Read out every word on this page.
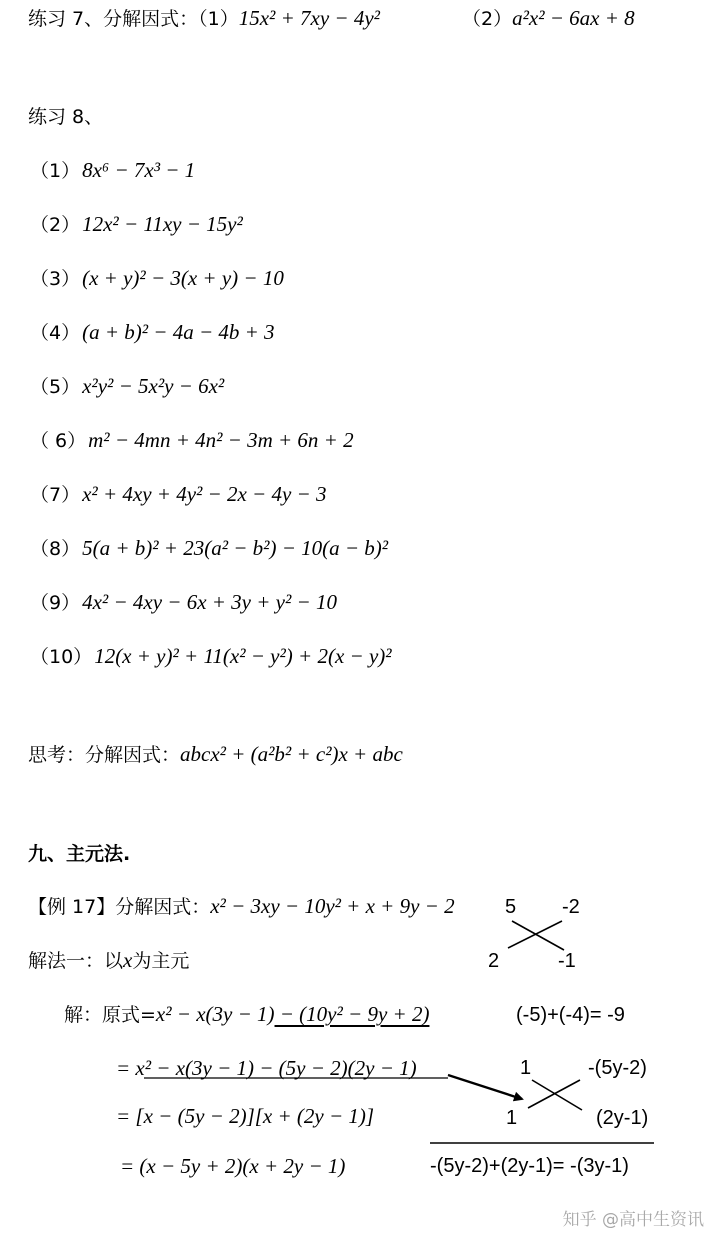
练习 7、分解因式：（1）15x² + 7xy − 4y²	（2）a²x² − 6ax + 8
练习 8、
（1）8x⁶ − 7x³ − 1
（2）12x² − 11xy − 15y²
（3）(x + y)² − 3(x + y) − 10
（4）(a + b)² − 4a − 4b + 3
（5）x²y² − 5x²y − 6x²
（ 6）m² − 4mn + 4n² − 3m + 6n + 2
（7）x² + 4xy + 4y² − 2x − 4y − 3
（8）5(a + b)² + 23(a² − b²) − 10(a − b)²
（9）4x² − 4xy − 6x + 3y + y² − 10
（10）12(x + y)² + 11(x² − y²) + 2(x − y)²
思考：分解因式：abcx² + (a²b² + c²)x + abc
九、主元法.
【例 17】分解因式：x² − 3xy − 10y² + x + 9y − 2	5 -2
2	-1
解法一：以x为主元
解：原式=x² − x(3y − 1) − (10y² − 9y + 2)	(-5)+(-4)= -9
= x² − x(3y − 1) − (5y − 2)(2y − 1)
= [x − (5y − 2)][x + (2y − 1)]
= (x − 5y + 2)(x + 2y − 1)
1	-(5y-2)
1	(2y-1)
-(5y-2)+(2y-1)= -(3y-1)
知乎 @高中生资讯
